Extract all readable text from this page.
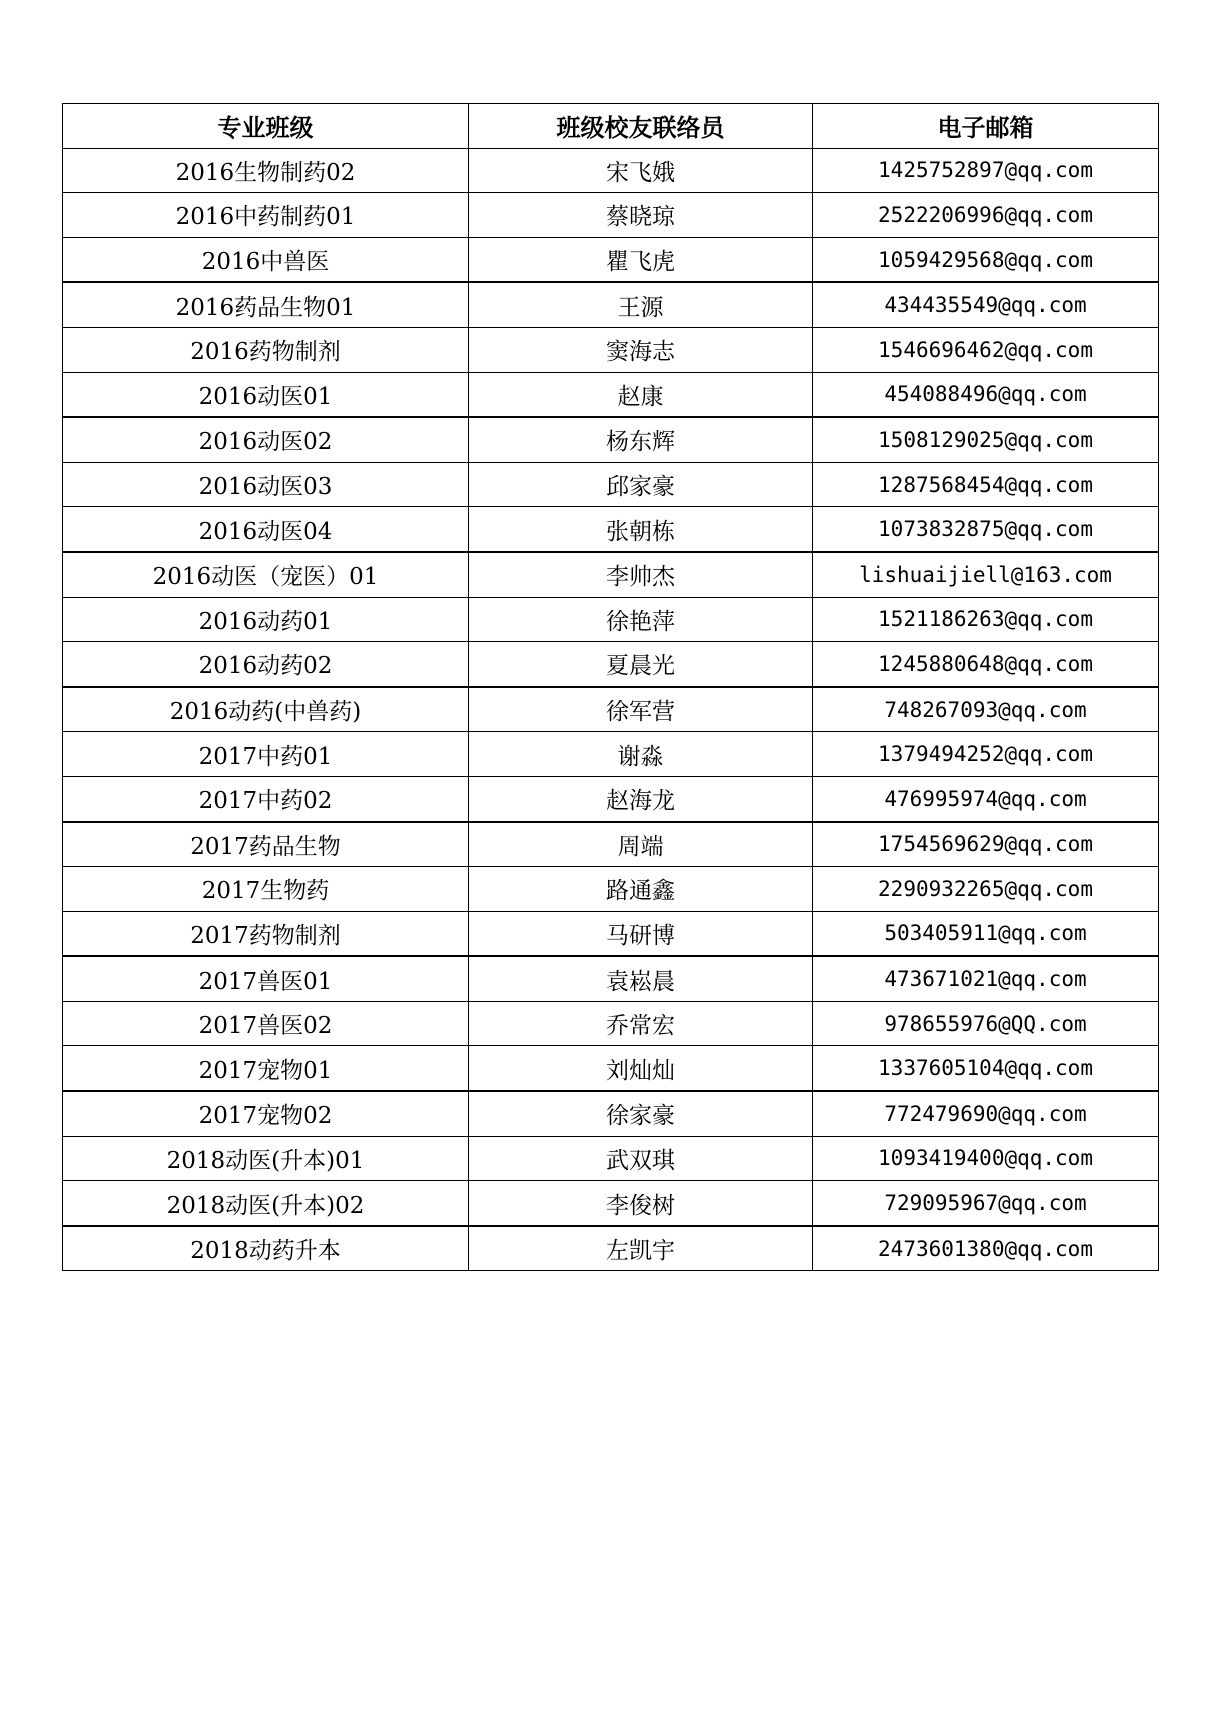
专业班级	班级校友联络员	电子邮箱
2016生物制药02	宋飞娥	1425752897@qq.com
2016中药制药01	蔡晓琼	2522206996@qq.com
2016中兽医	瞿飞虎	1059429568@qq.com
2016药品生物01	王源	434435549@qq.com
2016药物制剂	窦海志	1546696462@qq.com
2016动医01	赵康	454088496@qq.com
2016动医02	杨东辉	1508129025@qq.com
2016动医03	邱家豪	1287568454@qq.com
2016动医04	张朝栋	1073832875@qq.com
2016动医（宠医）01	李帅杰	lishuaijiell@163.com
2016动药01	徐艳萍	1521186263@qq.com
2016动药02	夏晨光	1245880648@qq.com
2016动药(中兽药)	徐军营	748267093@qq.com
2017中药01	谢淼	1379494252@qq.com
2017中药02	赵海龙	476995974@qq.com
2017药品生物	周端	1754569629@qq.com
2017生物药	路通鑫	2290932265@qq.com
2017药物制剂	马研博	503405911@qq.com
2017兽医01	袁崧晨	473671021@qq.com
2017兽医02	乔常宏	978655976@QQ.com
2017宠物01	刘灿灿	1337605104@qq.com
2017宠物02	徐家豪	772479690@qq.com
2018动医(升本)01	武双琪	1093419400@qq.com
2018动医(升本)02	李俊树	729095967@qq.com
2018动药升本	左凯宇	2473601380@qq.com
